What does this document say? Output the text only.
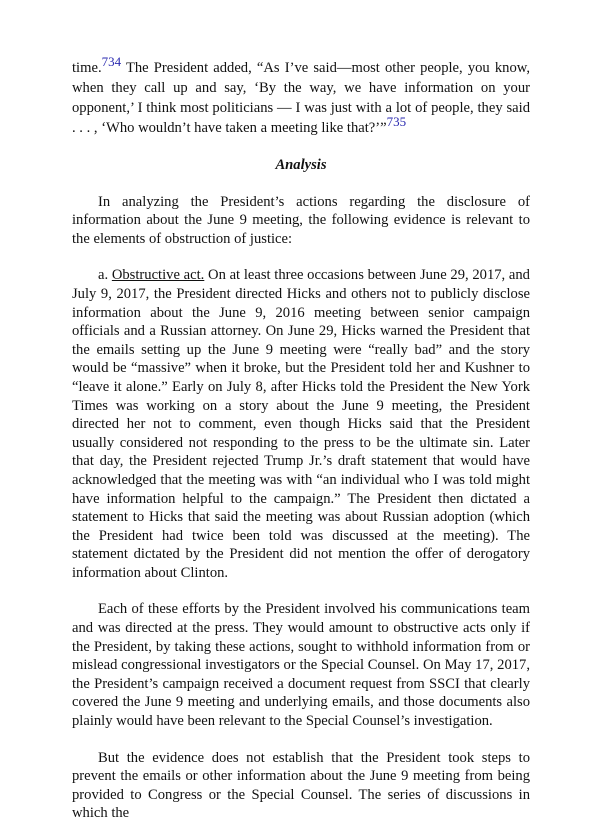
time.734 The President added, “As I’ve said—most other people, you know, when they call up and say, ‘By the way, we have information on your opponent,’ I think most politicians — I was just with a lot of people, they said . . . , ‘Who wouldn’t have taken a meeting like that?’”735

Analysis

In analyzing the President’s actions regarding the disclosure of information about the June 9 meeting, the following evidence is relevant to the elements of obstruction of justice:

a. Obstructive act. On at least three occasions between June 29, 2017, and July 9, 2017, the President directed Hicks and others not to publicly disclose information about the June 9, 2016 meeting between senior campaign officials and a Russian attorney. On June 29, Hicks warned the President that the emails setting up the June 9 meeting were “really bad” and the story would be “massive” when it broke, but the President told her and Kushner to “leave it alone.” Early on July 8, after Hicks told the President the New York Times was working on a story about the June 9 meeting, the President directed her not to comment, even though Hicks said that the President usually considered not responding to the press to be the ultimate sin. Later that day, the President rejected Trump Jr.’s draft statement that would have acknowledged that the meeting was with “an individual who I was told might have information helpful to the campaign.” The President then dictated a statement to Hicks that said the meeting was about Russian adoption (which the President had twice been told was discussed at the meeting). The statement dictated by the President did not mention the offer of derogatory information about Clinton.

Each of these efforts by the President involved his communications team and was directed at the press. They would amount to obstructive acts only if the President, by taking these actions, sought to withhold information from or mislead congressional investigators or the Special Counsel. On May 17, 2017, the President’s campaign received a document request from SSCI that clearly covered the June 9 meeting and underlying emails, and those documents also plainly would have been relevant to the Special Counsel’s investigation.

But the evidence does not establish that the President took steps to prevent the emails or other information about the June 9 meeting from being provided to Congress or the Special Counsel. The series of discussions in which the
